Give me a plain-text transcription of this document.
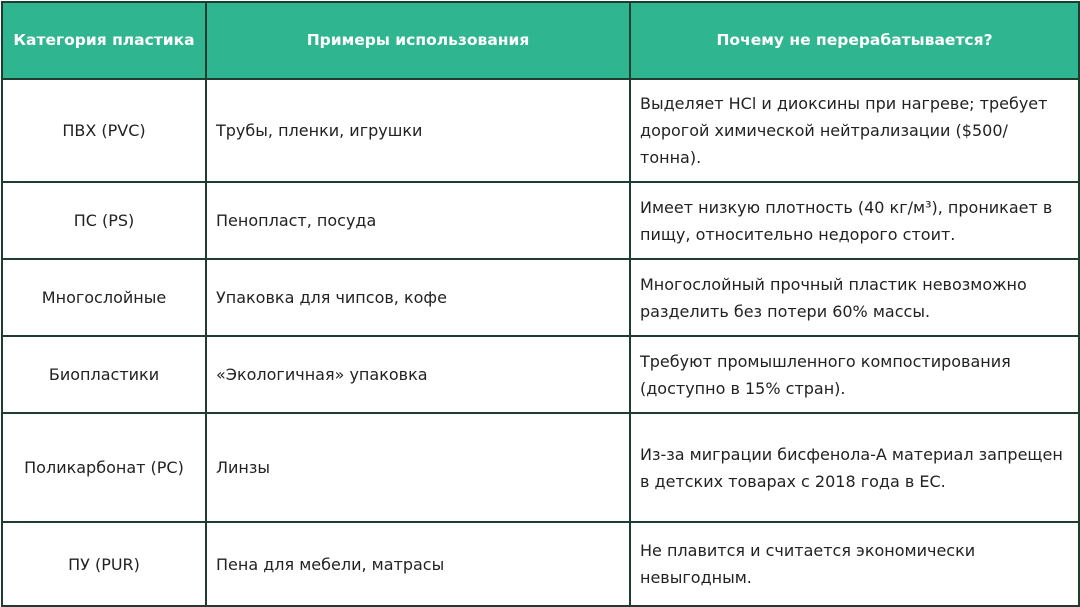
Категория пластика	Примеры использования	Почему не перерабатывается?
ПВХ (PVC)	Трубы, пленки, игрушки	Выделяет HCl и диоксины при нагреве; требует дорогой химической нейтрализации ($500/тонна).
ПС (PS)	Пенопласт, посуда	Имеет низкую плотность (40 кг/м³), проникает в пищу, относительно недорого стоит.
Многослойные	Упаковка для чипсов, кофе	Многослойный прочный пластик невозможно разделить без потери 60% массы.
Биопластики	«Экологичная» упаковка	Требуют промышленного компостирования (доступно в 15% стран).
Поликарбонат (PC)	Линзы	Из-за миграции бисфенола-А материал запрещен в детских товарах с 2018 года в ЕС.
ПУ (PUR)	Пена для мебели, матрасы	Не плавится и считается экономически невыгодным.
